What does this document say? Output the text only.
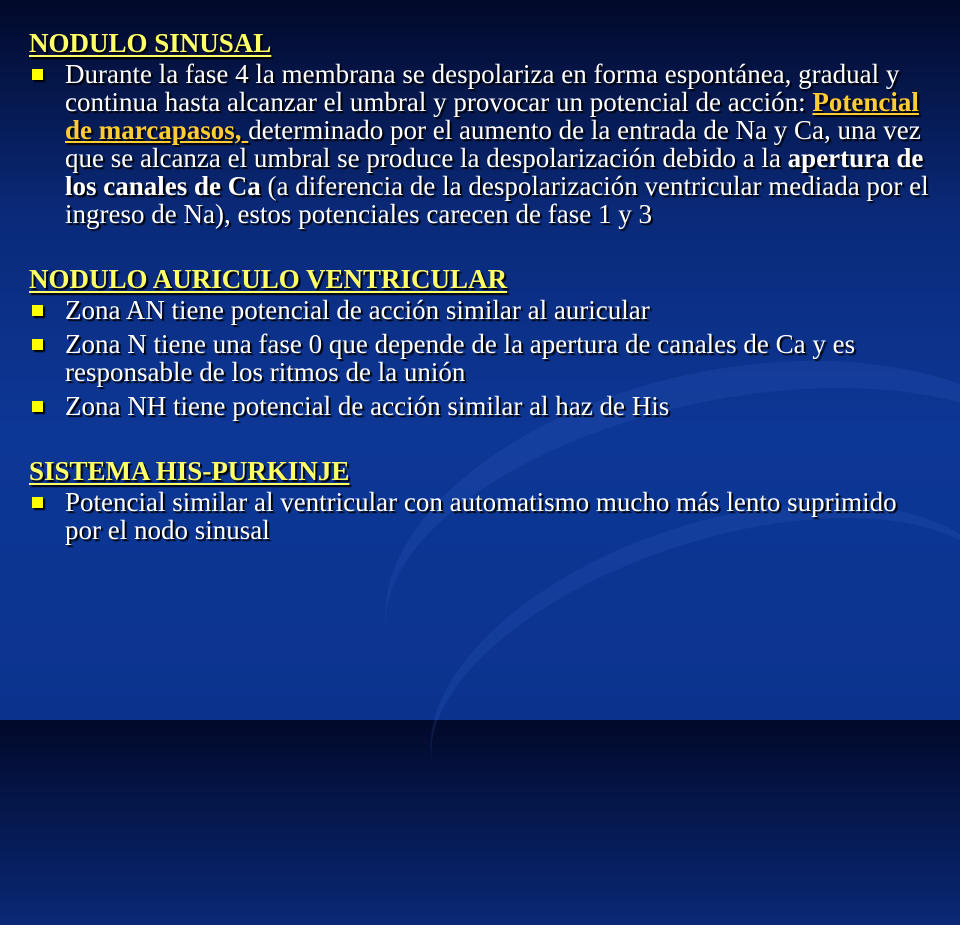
NODULO SINUSAL
Durante la fase 4 la membrana se despolariza en forma espontánea, gradual y continua hasta alcanzar el umbral y provocar un potencial de acción: Potencial de marcapasos, determinado por el aumento de la entrada de Na y Ca, una vez que se alcanza el umbral se produce la despolarización debido a la apertura de los canales de Ca (a diferencia de la despolarización ventricular mediada por el ingreso de Na), estos potenciales carecen de fase 1 y 3
NODULO AURICULO VENTRICULAR
Zona AN tiene potencial de acción similar al auricular
Zona N tiene una fase 0 que depende de la apertura de canales de Ca y es responsable de los ritmos de la unión
Zona NH tiene potencial de acción similar al haz de His
SISTEMA HIS-PURKINJE
Potencial similar al ventricular con automatismo mucho más lento suprimido por el nodo sinusal
